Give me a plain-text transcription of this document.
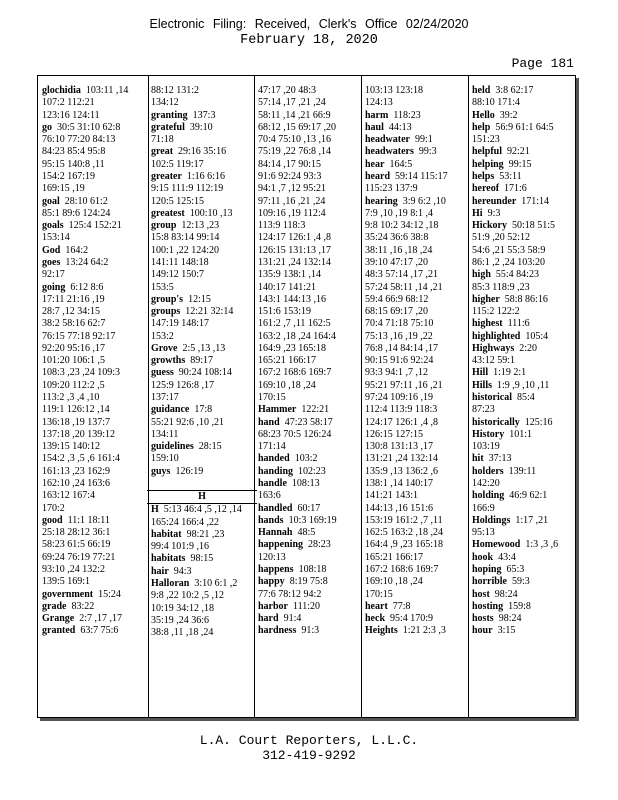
Electronic Filing: Received, Clerk's Office 02/24/2020
February 18, 2020
Page 181
glochidia 103:11 ,14
107:2 112:21
123:16 124:11
go 30:5 31:10 62:8
76:10 77:20 84:13
84:23 85:4 95:8
95:15 140:8 ,11
154:2 167:19
169:15 ,19
goal 28:10 61:2
85:1 89:6 124:24
goals 125:4 152:21
153:14
God 164:2
goes 13:24 64:2
92:17
going 6:12 8:6
17:11 21:16 ,19
28:7 ,12 34:15
38:2 58:16 62:7
76:15 77:18 92:17
92:20 95:16 ,17
101:20 106:1 ,5
108:3 ,23 ,24 109:3
109:20 112:2 ,5
113:2 ,3 ,4 ,10
119:1 126:12 ,14
136:18 ,19 137:7
137:18 ,20 139:12
139:15 140:12
154:2 ,3 ,5 ,6 161:4
161:13 ,23 162:9
162:10 ,24 163:6
163:12 167:4
170:2
good 11:1 18:11
25:18 28:12 36:1
58:23 61:5 66:19
69:24 76:19 77:21
93:10 ,24 132:2
139:5 169:1
government 15:24
grade 83:22
Grange 2:7 ,17 ,17
granted 63:7 75:6
88:12 131:2
134:12
granting 137:3
grateful 39:10
71:18
great 29:16 35:16
102:5 119:17
greater 1:16 6:16
9:15 111:9 112:19
120:5 125:15
greatest 100:10 ,13
group 12:13 ,23
15:8 83:14 99:14
100:1 ,22 124:20
141:11 148:18
149:12 150:7
153:5
group's 12:15
groups 12:21 32:14
147:19 148:17
153:2
Grove 2:5 ,13 ,13
growths 89:17
guess 90:24 108:14
125:9 126:8 ,17
137:17
guidance 17:8
55:21 92:6 ,10 ,21
134:11
guidelines 28:15
159:10
guys 126:19

H
H 5:13 46:4 ,5 ,12 ,14
165:24 166:4 ,22
habitat 98:21 ,23
99:4 101:9 ,16
habitats 98:15
hair 94:3
Halloran 3:10 6:1 ,2
9:8 ,22 10:2 ,5 ,12
10:19 34:12 ,18
35:19 ,24 36:6
38:8 ,11 ,18 ,24
47:17 ,20 48:3
57:14 ,17 ,21 ,24
58:11 ,14 ,21 66:9
68:12 ,15 69:17 ,20
70:4 75:10 ,13 ,16
75:19 ,22 76:8 ,14
84:14 ,17 90:15
91:6 92:24 93:3
94:1 ,7 ,12 95:21
97:11 ,16 ,21 ,24
109:16 ,19 112:4
113:9 118:3
124:17 126:1 ,4 ,8
126:15 131:13 ,17
131:21 ,24 132:14
135:9 138:1 ,14
140:17 141:21
143:1 144:13 ,16
151:6 153:19
161:2 ,7 ,11 162:5
163:2 ,18 ,24 164:4
164:9 ,23 165:18
165:21 166:17
167:2 168:6 169:7
169:10 ,18 ,24
170:15
Hammer 122:21
hand 47:23 58:17
68:23 70:5 126:24
171:14
handed 103:2
handing 102:23
handle 108:13
163:6
handled 60:17
hands 10:3 169:19
Hannah 48:5
happening 28:23
120:13
happens 108:18
happy 8:19 75:8
77:6 78:12 94:2
harbor 111:20
hard 91:4
hardness 91:3
103:13 123:18
124:13
harm 118:23
haul 44:13
headwater 99:1
headwaters 99:3
hear 164:5
heard 59:14 115:17
115:23 137:9
hearing 3:9 6:2 ,10
7:9 ,10 ,19 8:1 ,4
9:8 10:2 34:12 ,18
35:24 36:6 38:8
38:11 ,16 ,18 ,24
39:10 47:17 ,20
48:3 57:14 ,17 ,21
57:24 58:11 ,14 ,21
59:4 66:9 68:12
68:15 69:17 ,20
70:4 71:18 75:10
75:13 ,16 ,19 ,22
76:8 ,14 84:14 ,17
90:15 91:6 92:24
93:3 94:1 ,7 ,12
95:21 97:11 ,16 ,21
97:24 109:16 ,19
112:4 113:9 118:3
124:17 126:1 ,4 ,8
126:15 127:15
130:8 131:13 ,17
131:21 ,24 132:14
135:9 ,13 136:2 ,6
138:1 ,14 140:17
141:21 143:1
144:13 ,16 151:6
153:19 161:2 ,7 ,11
162:5 163:2 ,18 ,24
164:4 ,9 ,23 165:18
165:21 166:17
167:2 168:6 169:7
169:10 ,18 ,24
170:15
heart 77:8
heck 95:4 170:9
Heights 1:21 2:3 ,3
held 3:8 62:17
88:10 171:4
Hello 39:2
help 56:9 61:1 64:5
151:23
helpful 92:21
helping 99:15
helps 53:11
hereof 171:6
hereunder 171:14
Hi 9:3
Hickory 50:18 51:5
51:9 ,20 52:12
54:6 ,21 55:3 58:9
86:1 ,2 ,24 103:20
high 55:4 84:23
85:3 118:9 ,23
higher 58:8 86:16
115:2 122:2
highest 111:6
highlighted 105:4
Highways 2:20
43:12 59:1
Hill 1:19 2:1
Hills 1:9 ,9 ,10 ,11
historical 85:4
87:23
historically 125:16
History 101:1
103:19
hit 37:13
holders 139:11
142:20
holding 46:9 62:1
166:9
Holdings 1:17 ,21
95:13
Homewood 1:3 ,3 ,6
hook 43:4
hoping 65:3
horrible 59:3
host 98:24
hosting 159:8
hosts 98:24
hour 3:15
L.A. Court Reporters, L.L.C.
312-419-9292
